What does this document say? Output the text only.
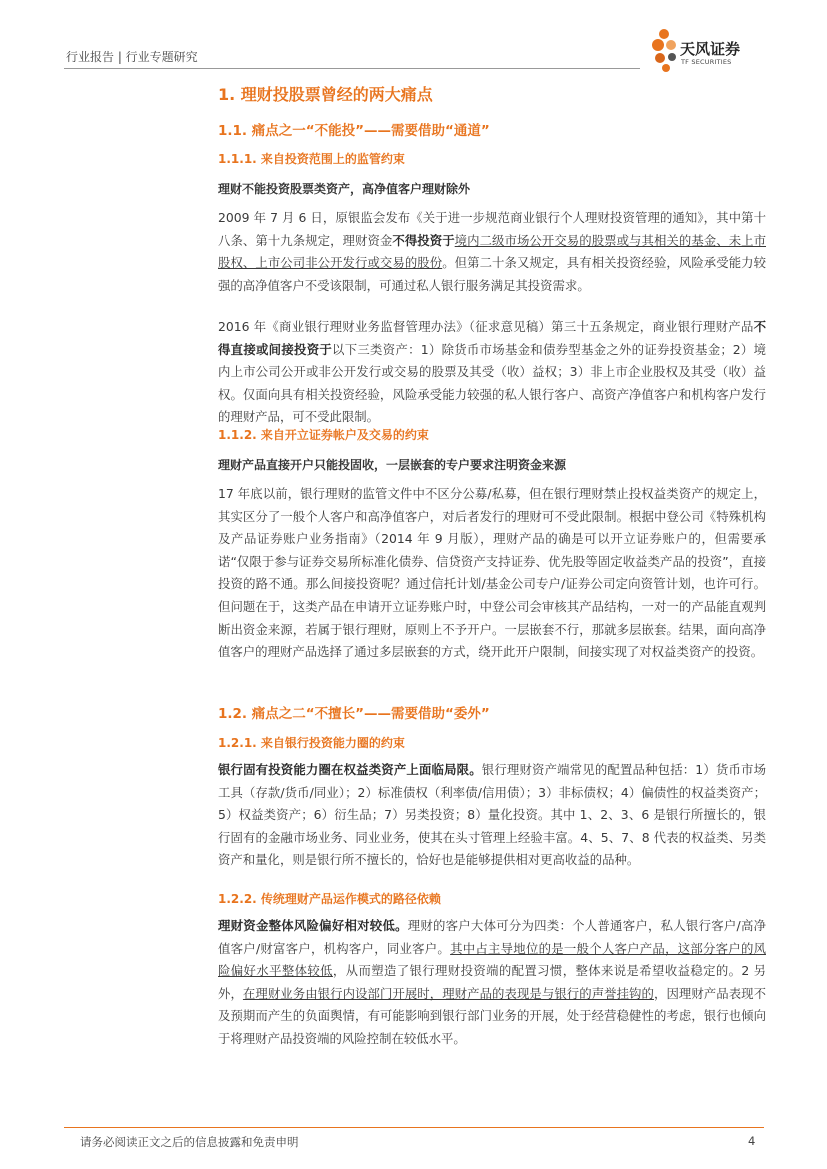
行业报告 | 行业专题研究	天风证券
TF SECURITIES
1. 理财投股票曾经的两大痛点
1.1. 痛点之一“不能投”——需要借助“通道”
1.1.1. 来自投资范围上的监管约束
理财不能投资股票类资产，高净值客户理财除外
2009 年 7 月 6 日，原银监会发布《关于进一步规范商业银行个人理财投资管理的通知》，其中第十八条、第十九条规定，理财资金不得投资于境内二级市场公开交易的股票或与其相关的基金、未上市股权、上市公司非公开发行或交易的股份。但第二十条又规定，具有相关投资经验，风险承受能力较强的高净值客户不受该限制，可通过私人银行服务满足其投资需求。
2016 年《商业银行理财业务监督管理办法》（征求意见稿）第三十五条规定，商业银行理财产品不得直接或间接投资于以下三类资产：1）除货币市场基金和债券型基金之外的证券投资基金；2）境内上市公司公开或非公开发行或交易的股票及其受（收）益权；3）非上市企业股权及其受（收）益权。仅面向具有相关投资经验，风险承受能力较强的私人银行客户、高资产净值客户和机构客户发行的理财产品，可不受此限制。
1.1.2. 来自开立证券帐户及交易的约束
理财产品直接开户只能投固收，一层嵌套的专户要求注明资金来源
17 年底以前，银行理财的监管文件中不区分公募/私募，但在银行理财禁止投权益类资产的规定上，其实区分了一般个人客户和高净值客户，对后者发行的理财可不受此限制。根据中登公司《特殊机构及产品证券账户业务指南》（2014 年 9 月版），理财产品的确是可以开立证券账户的，但需要承诺“仅限于参与证券交易所标准化债券、信贷资产支持证券、优先股等固定收益类产品的投资”，直接投资的路不通。那么间接投资呢？通过信托计划/基金公司专户/证券公司定向资管计划，也许可行。但问题在于，这类产品在申请开立证券账户时，中登公司会审核其产品结构，一对一的产品能直观判断出资金来源，若属于银行理财，原则上不予开户。一层嵌套不行，那就多层嵌套。结果，面向高净值客户的理财产品选择了通过多层嵌套的方式，绕开此开户限制，间接实现了对权益类资产的投资。
1.2. 痛点之二“不擅长”——需要借助“委外”
1.2.1. 来自银行投资能力圈的约束
银行固有投资能力圈在权益类资产上面临局限。银行理财资产端常见的配置品种包括：1）货币市场工具（存款/货币/同业）；2）标准债权（利率债/信用债）；3）非标债权；4）偏债性的权益类资产；5）权益类资产；6）衍生品；7）另类投资；8）量化投资。其中 1、2、3、6 是银行所擅长的，银行固有的金融市场业务、同业业务，使其在头寸管理上经验丰富。4、5、7、8 代表的权益类、另类资产和量化，则是银行所不擅长的，恰好也是能够提供相对更高收益的品种。
1.2.2. 传统理财产品运作模式的路径依赖
理财资金整体风险偏好相对较低。理财的客户大体可分为四类：个人普通客户，私人银行客户/高净值客户/财富客户，机构客户，同业客户。其中占主导地位的是一般个人客户产品，这部分客户的风险偏好水平整体较低，从而塑造了银行理财投资端的配置习惯，整体来说是希望收益稳定的。2 另外，在理财业务由银行内设部门开展时，理财产品的表现是与银行的声誉挂钩的，因理财产品表现不及预期而产生的负面舆情，有可能影响到银行部门业务的开展，处于经营稳健性的考虑，银行也倾向于将理财产品投资端的风险控制在较低水平。
请务必阅读正文之后的信息披露和免责申明	4
